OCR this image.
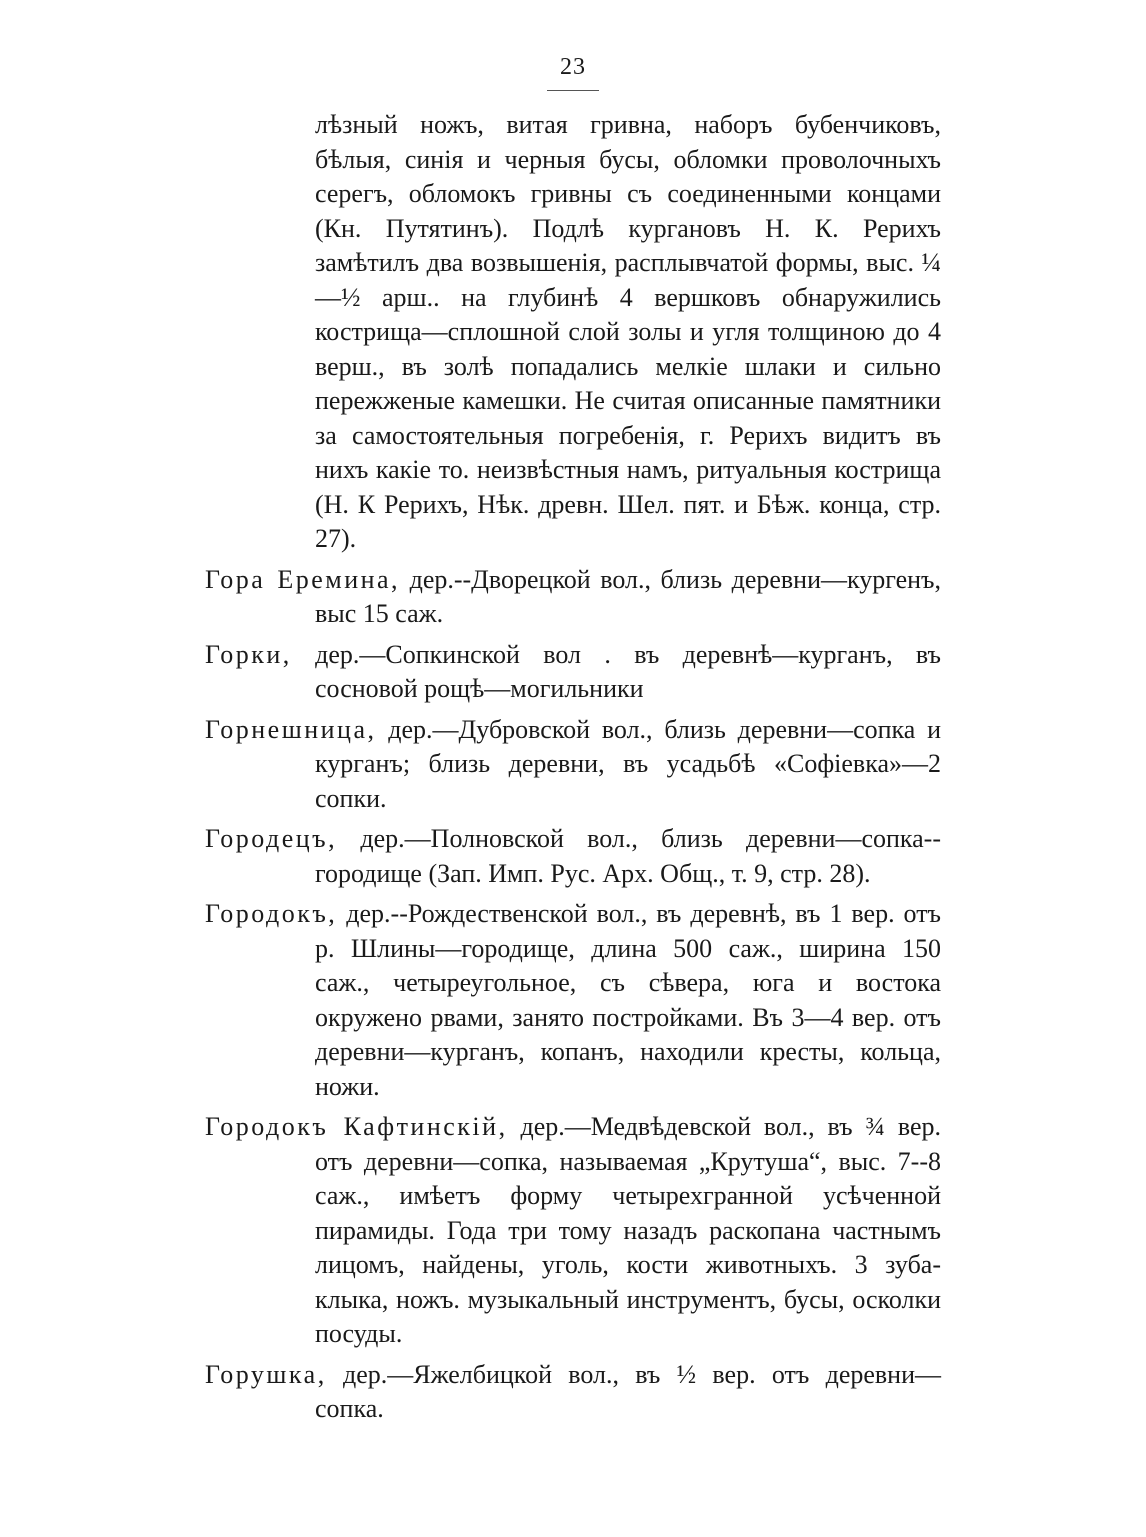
23

лѣзный ножъ, витая гривна, наборъ бубенчиковъ, бѣлыя, синія и черныя бусы, обломки проволочныхъ серегъ, обломокъ гривны съ соединенными концами (Кн. Путятинъ). Подлѣ кургановъ Н. К. Рерихъ замѣтилъ два возвышенія, расплывчатой формы, выс. ¼—½ арш.. на глубинѣ 4 вершковъ обнаружились кострища—сплошной слой золы и угля толщиною до 4 верш., въ золѣ попадались мелкіе шлаки и сильно пережженые камешки. Не считая описанные памятники за самостоятельныя погребенія, г. Рерихъ видитъ въ нихъ какіе то. неизвѣстныя намъ, ритуальныя кострища (Н. К Рерихъ, Нѣк. древн. Шел. пят. и Бѣж. конца, стр. 27).

Гора Еремина, дер.--Дворецкой вол., близь деревни—кургенъ, выс 15 саж.

Горки, дер.—Сопкинской вол . въ деревнѣ—курганъ, въ сосновой рощѣ—могильники

Горнешница, дер.—Дубровской вол., близь деревни—сопка и курганъ; близь деревни, въ усадьбѣ «Софіевка»—2 сопки.

Городецъ, дер.—Полновской вол., близь деревни—сопка--городище (Зап. Имп. Рус. Арх. Общ., т. 9, стр. 28).

Городокъ, дер.--Рождественской вол., въ деревнѣ, въ 1 вер. отъ р. Шлины—городище, длина 500 саж., ширина 150 саж., четыреугольное, съ сѣвера, юга и востока окружено рвами, занято постройками. Въ 3—4 вер. отъ деревни—курганъ, копанъ, находили кресты, кольца, ножи.

Городокъ Кафтинскій, дер.—Медвѣдевской вол., въ ¾ вер. отъ деревни—сопка, называемая „Крутуша“, выс. 7--8 саж., имѣетъ форму четырехгранной усѣченной пирамиды. Года три тому назадъ раскопана частнымъ лицомъ, найдены, уголь, кости животныхъ. 3 зуба-клыка, ножъ. музыкальный инструментъ, бусы, осколки посуды.

Горушка, дер.—Яжелбицкой вол., въ ½ вер. отъ деревни—сопка.
